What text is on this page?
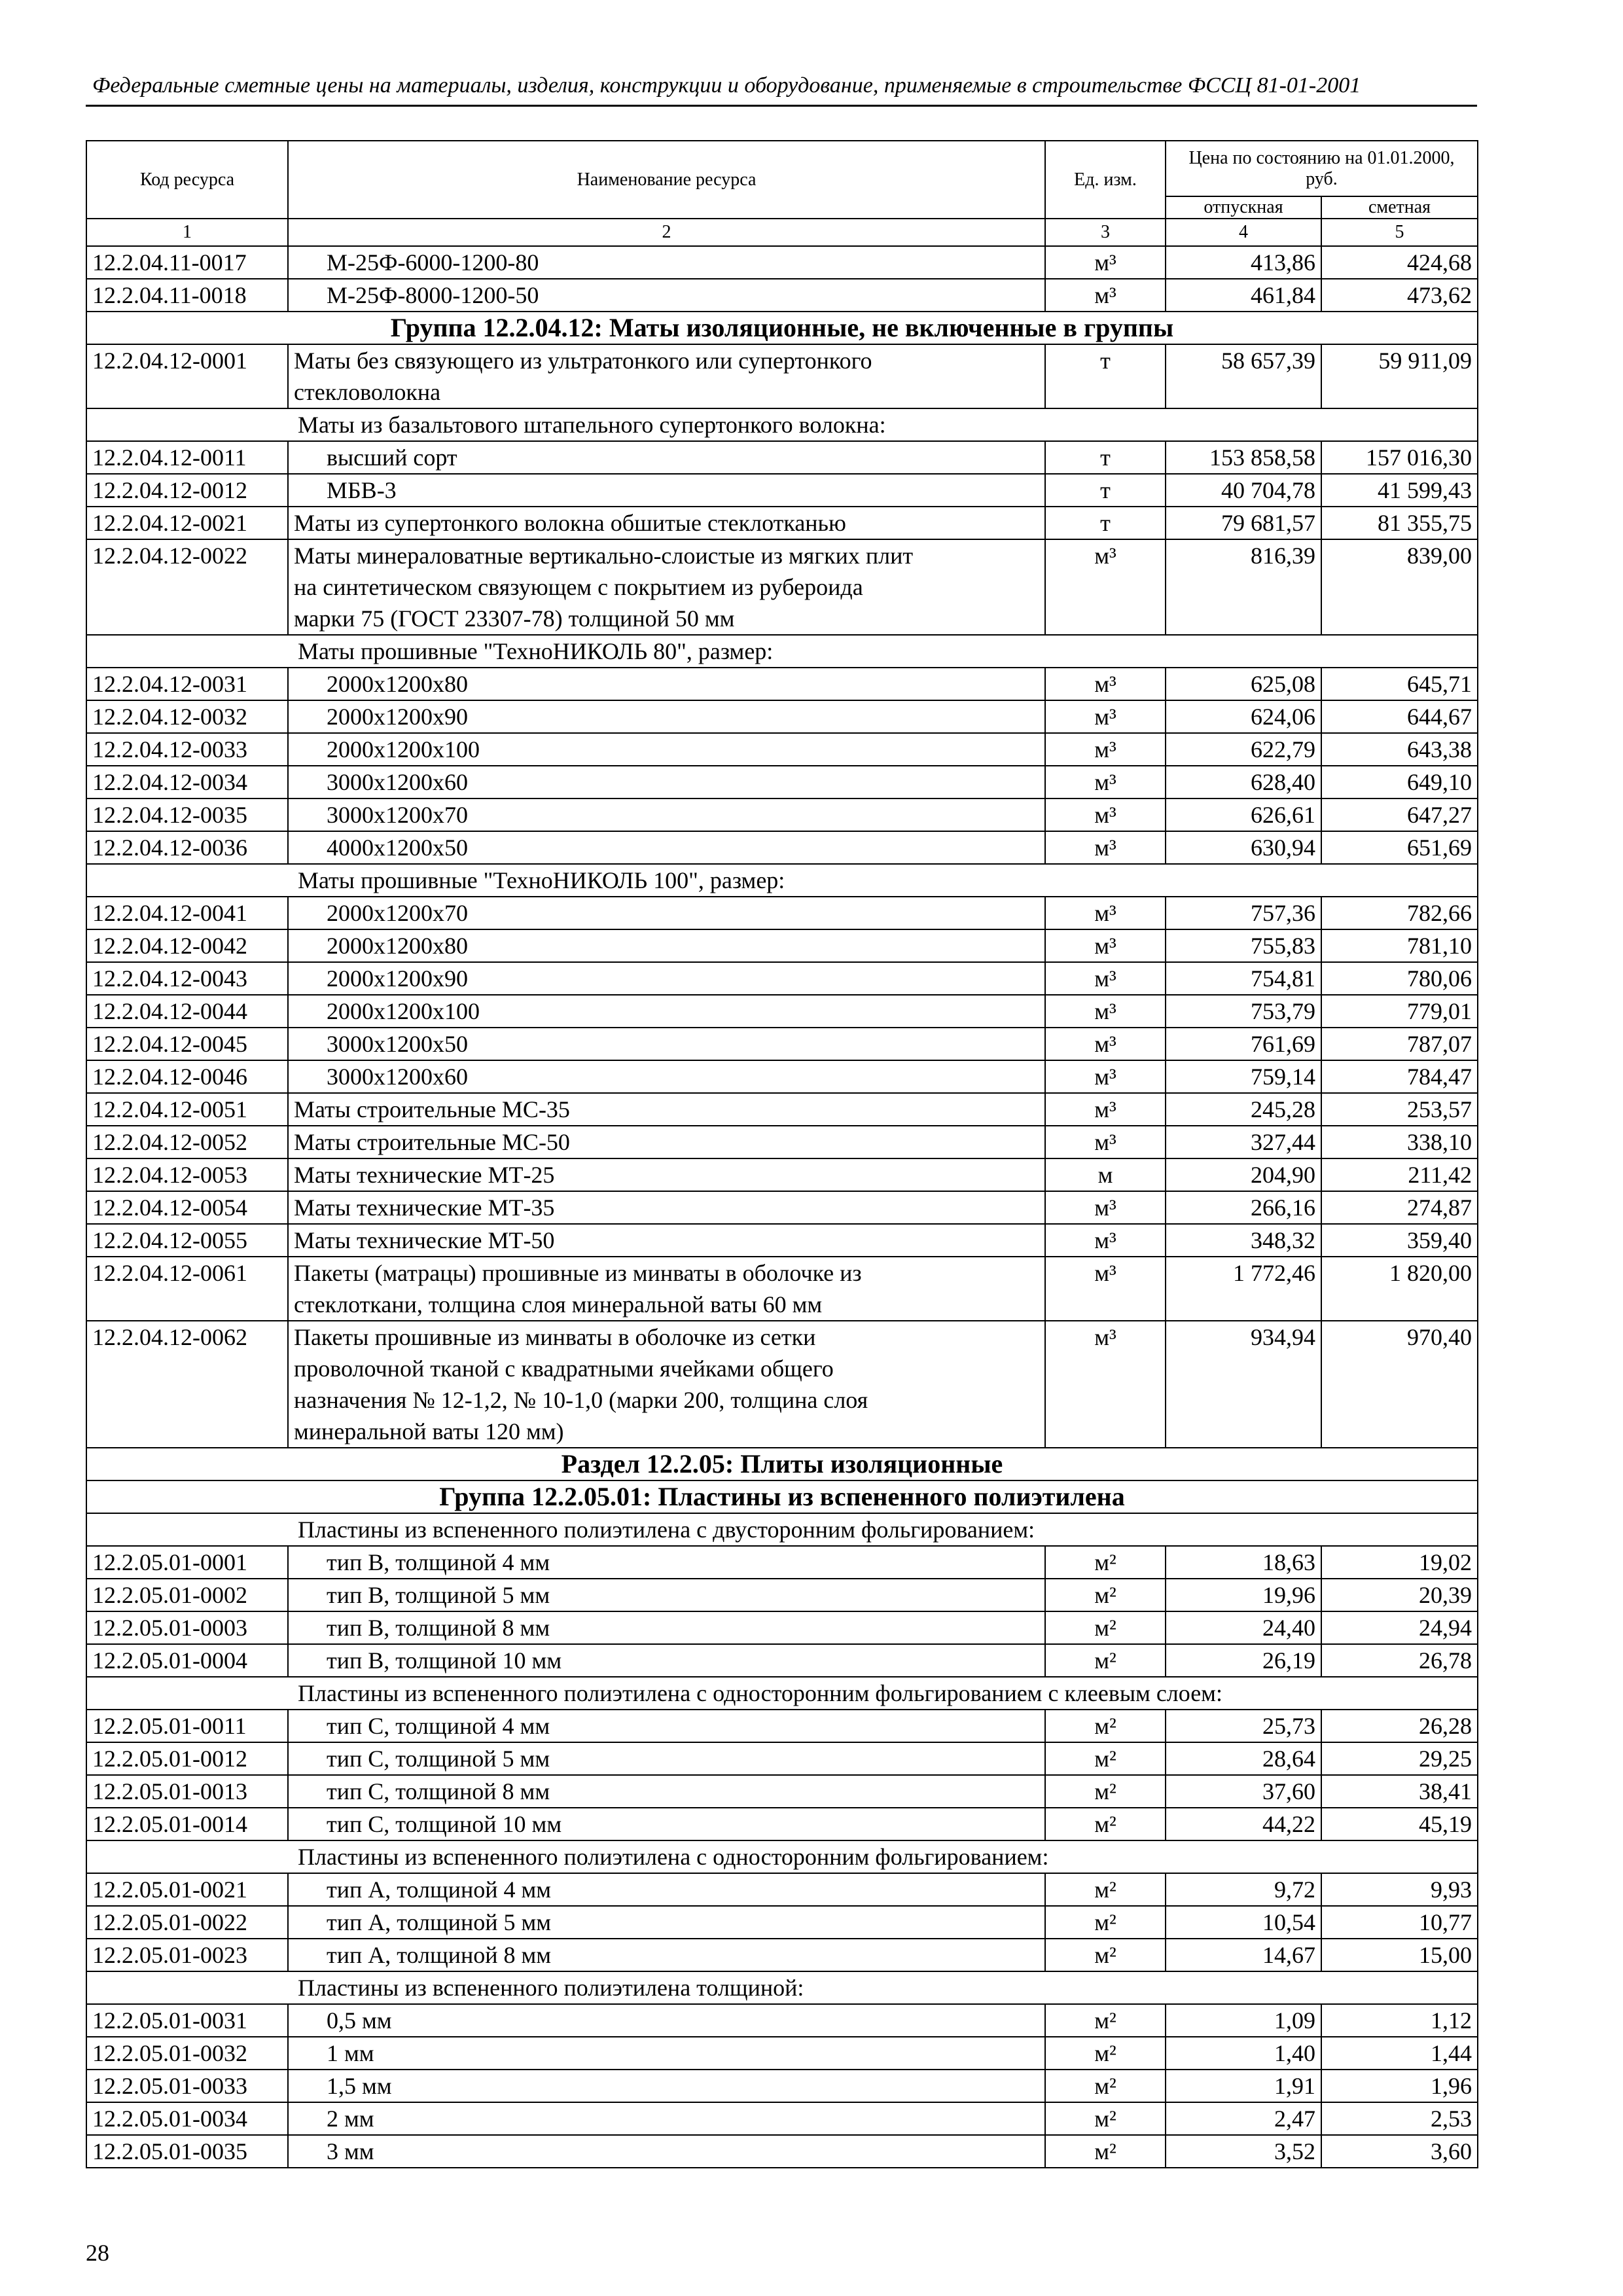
Федеральные сметные цены на материалы, изделия, конструкции и оборудование, применяемые в строительстве ФССЦ 81-01-2001
Код ресурса	Наименование ресурса	Ед. изм.	Цена по состоянию на 01.01.2000, руб.	
			отпускная	сметная
1	2	3	4	5
12.2.04.11-0017	М-25Ф-6000-1200-80	м³	413,86	424,68
12.2.04.11-0018	М-25Ф-8000-1200-50	м³	461,84	473,62
Группа 12.2.04.12: Маты изоляционные, не включенные в группы				
12.2.04.12-0001	Маты без связующего из ультратонкого или супертонкого
стекловолокна	т	58 657,39	59 911,09
Маты из базальтового штапельного супертонкого волокна:				
12.2.04.12-0011	высший сорт	т	153 858,58	157 016,30
12.2.04.12-0012	МБВ-3	т	40 704,78	41 599,43
12.2.04.12-0021	Маты из супертонкого волокна обшитые стеклотканью	т	79 681,57	81 355,75
12.2.04.12-0022	Маты минераловатные вертикально-слоистые из мягких плит
на синтетическом связующем с покрытием из рубероида
марки 75 (ГОСТ 23307-78) толщиной 50 мм	м³	816,39	839,00
Маты прошивные "ТехноНИКОЛЬ 80", размер:				
12.2.04.12-0031	2000x1200x80	м³	625,08	645,71
12.2.04.12-0032	2000x1200x90	м³	624,06	644,67
12.2.04.12-0033	2000x1200x100	м³	622,79	643,38
12.2.04.12-0034	3000x1200x60	м³	628,40	649,10
12.2.04.12-0035	3000x1200x70	м³	626,61	647,27
12.2.04.12-0036	4000x1200x50	м³	630,94	651,69
Маты прошивные "ТехноНИКОЛЬ 100", размер:				
12.2.04.12-0041	2000x1200x70	м³	757,36	782,66
12.2.04.12-0042	2000x1200x80	м³	755,83	781,10
12.2.04.12-0043	2000x1200x90	м³	754,81	780,06
12.2.04.12-0044	2000x1200x100	м³	753,79	779,01
12.2.04.12-0045	3000x1200x50	м³	761,69	787,07
12.2.04.12-0046	3000x1200x60	м³	759,14	784,47
12.2.04.12-0051	Маты строительные МС-35	м³	245,28	253,57
12.2.04.12-0052	Маты строительные МС-50	м³	327,44	338,10
12.2.04.12-0053	Маты технические МТ-25	м	204,90	211,42
12.2.04.12-0054	Маты технические МТ-35	м³	266,16	274,87
12.2.04.12-0055	Маты технические МТ-50	м³	348,32	359,40
12.2.04.12-0061	Пакеты (матрацы) прошивные из минваты в оболочке из
стеклоткани, толщина слоя минеральной ваты 60 мм	м³	1 772,46	1 820,00
12.2.04.12-0062	Пакеты прошивные из минваты в оболочке из сетки
проволочной тканой с квадратными ячейками общего
назначения № 12-1,2, № 10-1,0 (марки 200, толщина слоя
минеральной ваты 120 мм)	м³	934,94	970,40
Раздел 12.2.05: Плиты изоляционные				
Группа 12.2.05.01: Пластины из вспененного полиэтилена				
Пластины из вспененного полиэтилена с двусторонним фольгированием:				
12.2.05.01-0001	тип В, толщиной 4 мм	м²	18,63	19,02
12.2.05.01-0002	тип В, толщиной 5 мм	м²	19,96	20,39
12.2.05.01-0003	тип В, толщиной 8 мм	м²	24,40	24,94
12.2.05.01-0004	тип В, толщиной 10 мм	м²	26,19	26,78
Пластины из вспененного полиэтилена с односторонним фольгированием с клеевым слоем:				
12.2.05.01-0011	тип С, толщиной 4 мм	м²	25,73	26,28
12.2.05.01-0012	тип С, толщиной 5 мм	м²	28,64	29,25
12.2.05.01-0013	тип С, толщиной 8 мм	м²	37,60	38,41
12.2.05.01-0014	тип С, толщиной 10 мм	м²	44,22	45,19
Пластины из вспененного полиэтилена с односторонним фольгированием:				
12.2.05.01-0021	тип А, толщиной 4 мм	м²	9,72	9,93
12.2.05.01-0022	тип А, толщиной 5 мм	м²	10,54	10,77
12.2.05.01-0023	тип А, толщиной 8 мм	м²	14,67	15,00
Пластины из вспененного полиэтилена толщиной:				
12.2.05.01-0031	0,5 мм	м²	1,09	1,12
12.2.05.01-0032	1 мм	м²	1,40	1,44
12.2.05.01-0033	1,5 мм	м²	1,91	1,96
12.2.05.01-0034	2 мм	м²	2,47	2,53
12.2.05.01-0035	3 мм	м²	3,52	3,60
28
